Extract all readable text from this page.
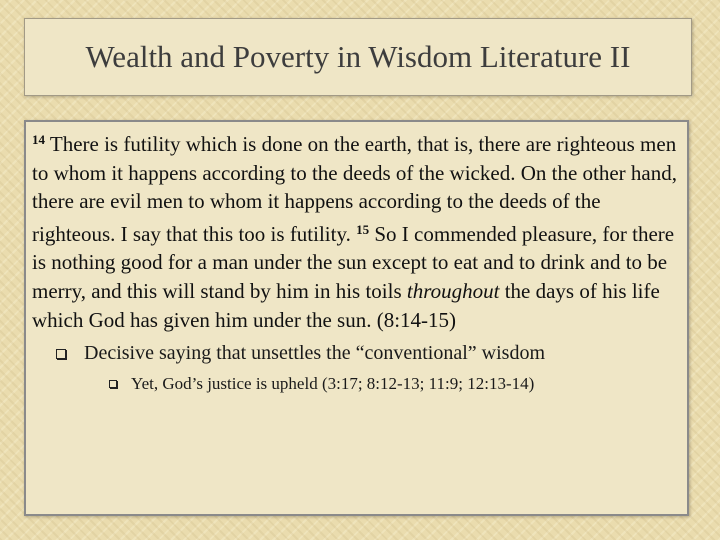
Wealth and Poverty in Wisdom Literature II

$^{14}$ There is futility which is done on the earth, that is, there are righteous men to whom it happens according to the deeds of the wicked. On the other hand, there are evil men to whom it happens according to the deeds of the righteous. I say that this too is futility. $^{15}$ So I commended pleasure, for there is nothing good for a man under the sun except to eat and to drink and to be merry, and this will stand by him in his toils throughout the days of his life which God has given him under the sun. (8:14-15)

Decisive saying that unsettles the “conventional” wisdom
Yet, God’s justice is upheld (3:17; 8:12-13; 11:9; 12:13-14)
